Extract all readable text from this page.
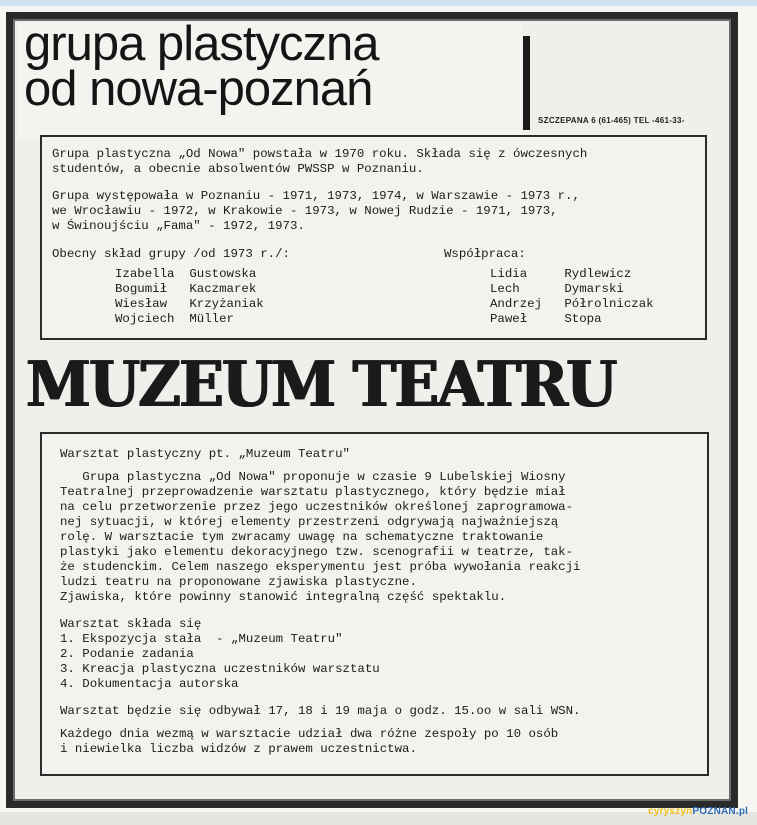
grupa plastyczna
od nowa-poznań
SZCZEPANA 6 (61-465) TEL -461-33-

Grupa plastyczna „Od Nowa" powstała w 1970 roku. Składa się z ówczesnych

studentów, a obecnie absolwentów PWSSP w Poznaniu.

Grupa występowała w Poznaniu - 1971, 1973, 1974, w Warszawie - 1973 r.,

we Wrocławiu - 1972, w Krakowie - 1973, w Nowej Rudzie - 1971, 1973,

w Świnoujściu „Fama" - 1972, 1973.

Obecny skład grupy /od 1973 r./:

Izabella  Gustowska
Bogumił   Kaczmarek
Wiesław   Krzyżaniak
Wojciech  Müller

Współpraca:

Lidia     Rydlewicz
Lech      Dymarski
Andrzej   Półrolniczak
Paweł     Stopa
MUZEUM TEATRU

Warsztat plastyczny pt. „Muzeum Teatru"

Grupa plastyczna „Od Nowa" proponuje w czasie 9 Lubelskiej Wiosny

Teatralnej przeprowadzenie warsztatu plastycznego, który będzie miał

na celu przetworzenie przez jego uczestników określonej zaprogramowa-

nej sytuacji, w której elementy przestrzeni odgrywają najważniejszą

rolę. W warsztacie tym zwracamy uwagę na schematyczne traktowanie

plastyki jako elementu dekoracyjnego tzw. scenografii w teatrze, tak-

że studenckim. Celem naszego eksperymentu jest próba wywołania reakcji

ludzi teatru na proponowane zjawiska plastyczne.

Zjawiska, które powinny stanowić integralną część spektaklu.

Warsztat składa się

1. Ekspozycja stała  - „Muzeum Teatru"

2. Podanie zadania

3. Kreacja plastyczna uczestników warsztatu

4. Dokumentacja autorska

Warsztat będzie się odbywał 17, 18 i 19 maja o godz. 15.oo w sali WSN.

Każdego dnia wezmą w warsztacie udział dwa różne zespoły po 10 osób

i niewielka liczba widzów z prawem uczestnictwa.

cyryszynPOZNAN.pl
